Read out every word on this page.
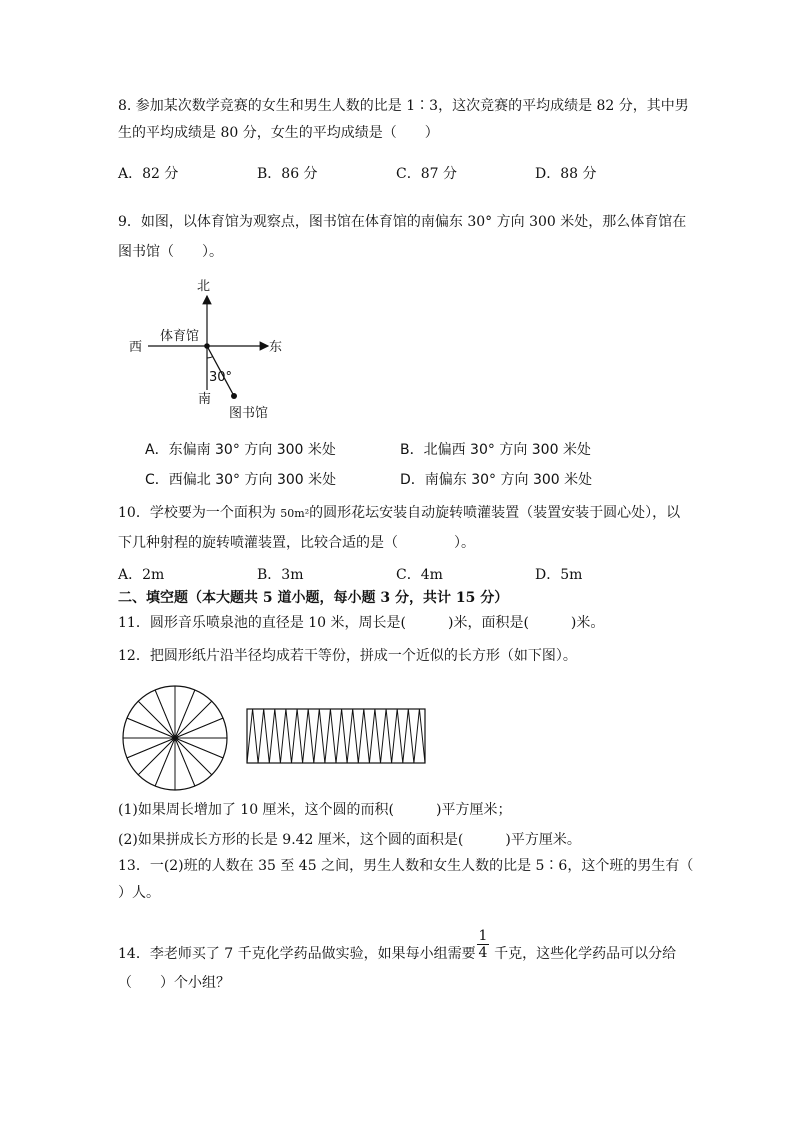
8. 参加某次数学竞赛的女生和男生人数的比是 1∶3，这次竞赛的平均成绩是 82 分，其中男
生的平均成绩是 80 分，女生的平均成绩是（　　）
A．82 分	B．86 分	C．87 分	D．88 分
9．如图，以体育馆为观察点，图书馆在体育馆的南偏东 30° 方向 300 米处，那么体育馆在
图书馆（　　）。
北
体育馆
西	东
30°
南
图书馆
A．东偏南 30° 方向 300 米处	B．北偏西 30° 方向 300 米处
C．西偏北 30° 方向 300 米处	D．南偏东 30° 方向 300 米处
10．学校要为一个面积为 50m²的圆形花坛安装自动旋转喷灌装置（装置安装于圆心处），以
下几种射程的旋转喷灌装置，比较合适的是（　　　　）。
A．2m	B．3m	C．4m	D．5m
二、填空题（本大题共 5 道小题，每小题 3 分，共计 15 分）
11．圆形音乐喷泉池的直径是 10 米，周长是(　　　)米，面积是(　　　)米。
12．把圆形纸片沿半径均成若干等份，拼成一个近似的长方形（如下图）。
(1)如果周长增加了 10 厘米，这个圆的而积(　　　)平方厘米；
(2)如果拼成长方形的长是 9.42 厘米，这个圆的面积是(　　　)平方厘米。
13．一(2)班的人数在 35 至 45 之间，男生人数和女生人数的比是 5∶6，这个班的男生有（
）人。
14．李老师买了 7 千克化学药品做实验，如果每小组需要 千克，这些化学药品可以分给
$\frac{1}{4}$
（　　）个小组？
